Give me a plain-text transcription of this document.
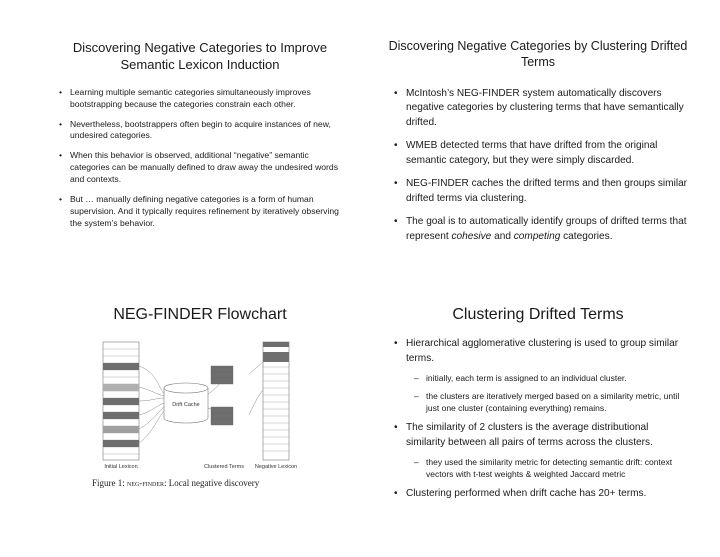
Discovering Negative Categories to Improve Semantic Lexicon Induction
• Learning multiple semantic categories simultaneously improves bootstrapping because the categories constrain each other.
• Nevertheless, bootstrappers often begin to acquire instances of new, undesired categories.
• When this behavior is observed, additional “negative” semantic categories can be manually defined to draw away the undesired words and contexts.
• But … manually defining negative categories is a form of human supervision. And it typically requires refinement by iteratively observing the system’s behavior.
Discovering Negative Categories by Clustering Drifted Terms
• McIntosh’s NEG-FINDER system automatically discovers negative categories by clustering terms that have semantically drifted.
• WMEB detected terms that have drifted from the original semantic category, but they were simply discarded.
• NEG-FINDER caches the drifted terms and then groups similar drifted terms via clustering.
• The goal is to automatically identify groups of drifted terms that represent cohesive and competing categories.
NEG-FINDER Flowchart
Drift Cache
Initial Lexicon	Clustered Terms Negative Lexicon
Figure 1: neg-finder: Local negative discovery
Clustering Drifted Terms
• Hierarchical agglomerative clustering is used to group similar terms.
– initially, each term is assigned to an individual cluster.
– the clusters are iteratively merged based on a similarity metric, until just one cluster (containing everything) remains.
• The similarity of 2 clusters is the average distributional similarity between all pairs of terms across the clusters.
– they used the similarity metric for detecting semantic drift: context vectors with t-test weights & weighted Jaccard metric
• Clustering performed when drift cache has 20+ terms.
